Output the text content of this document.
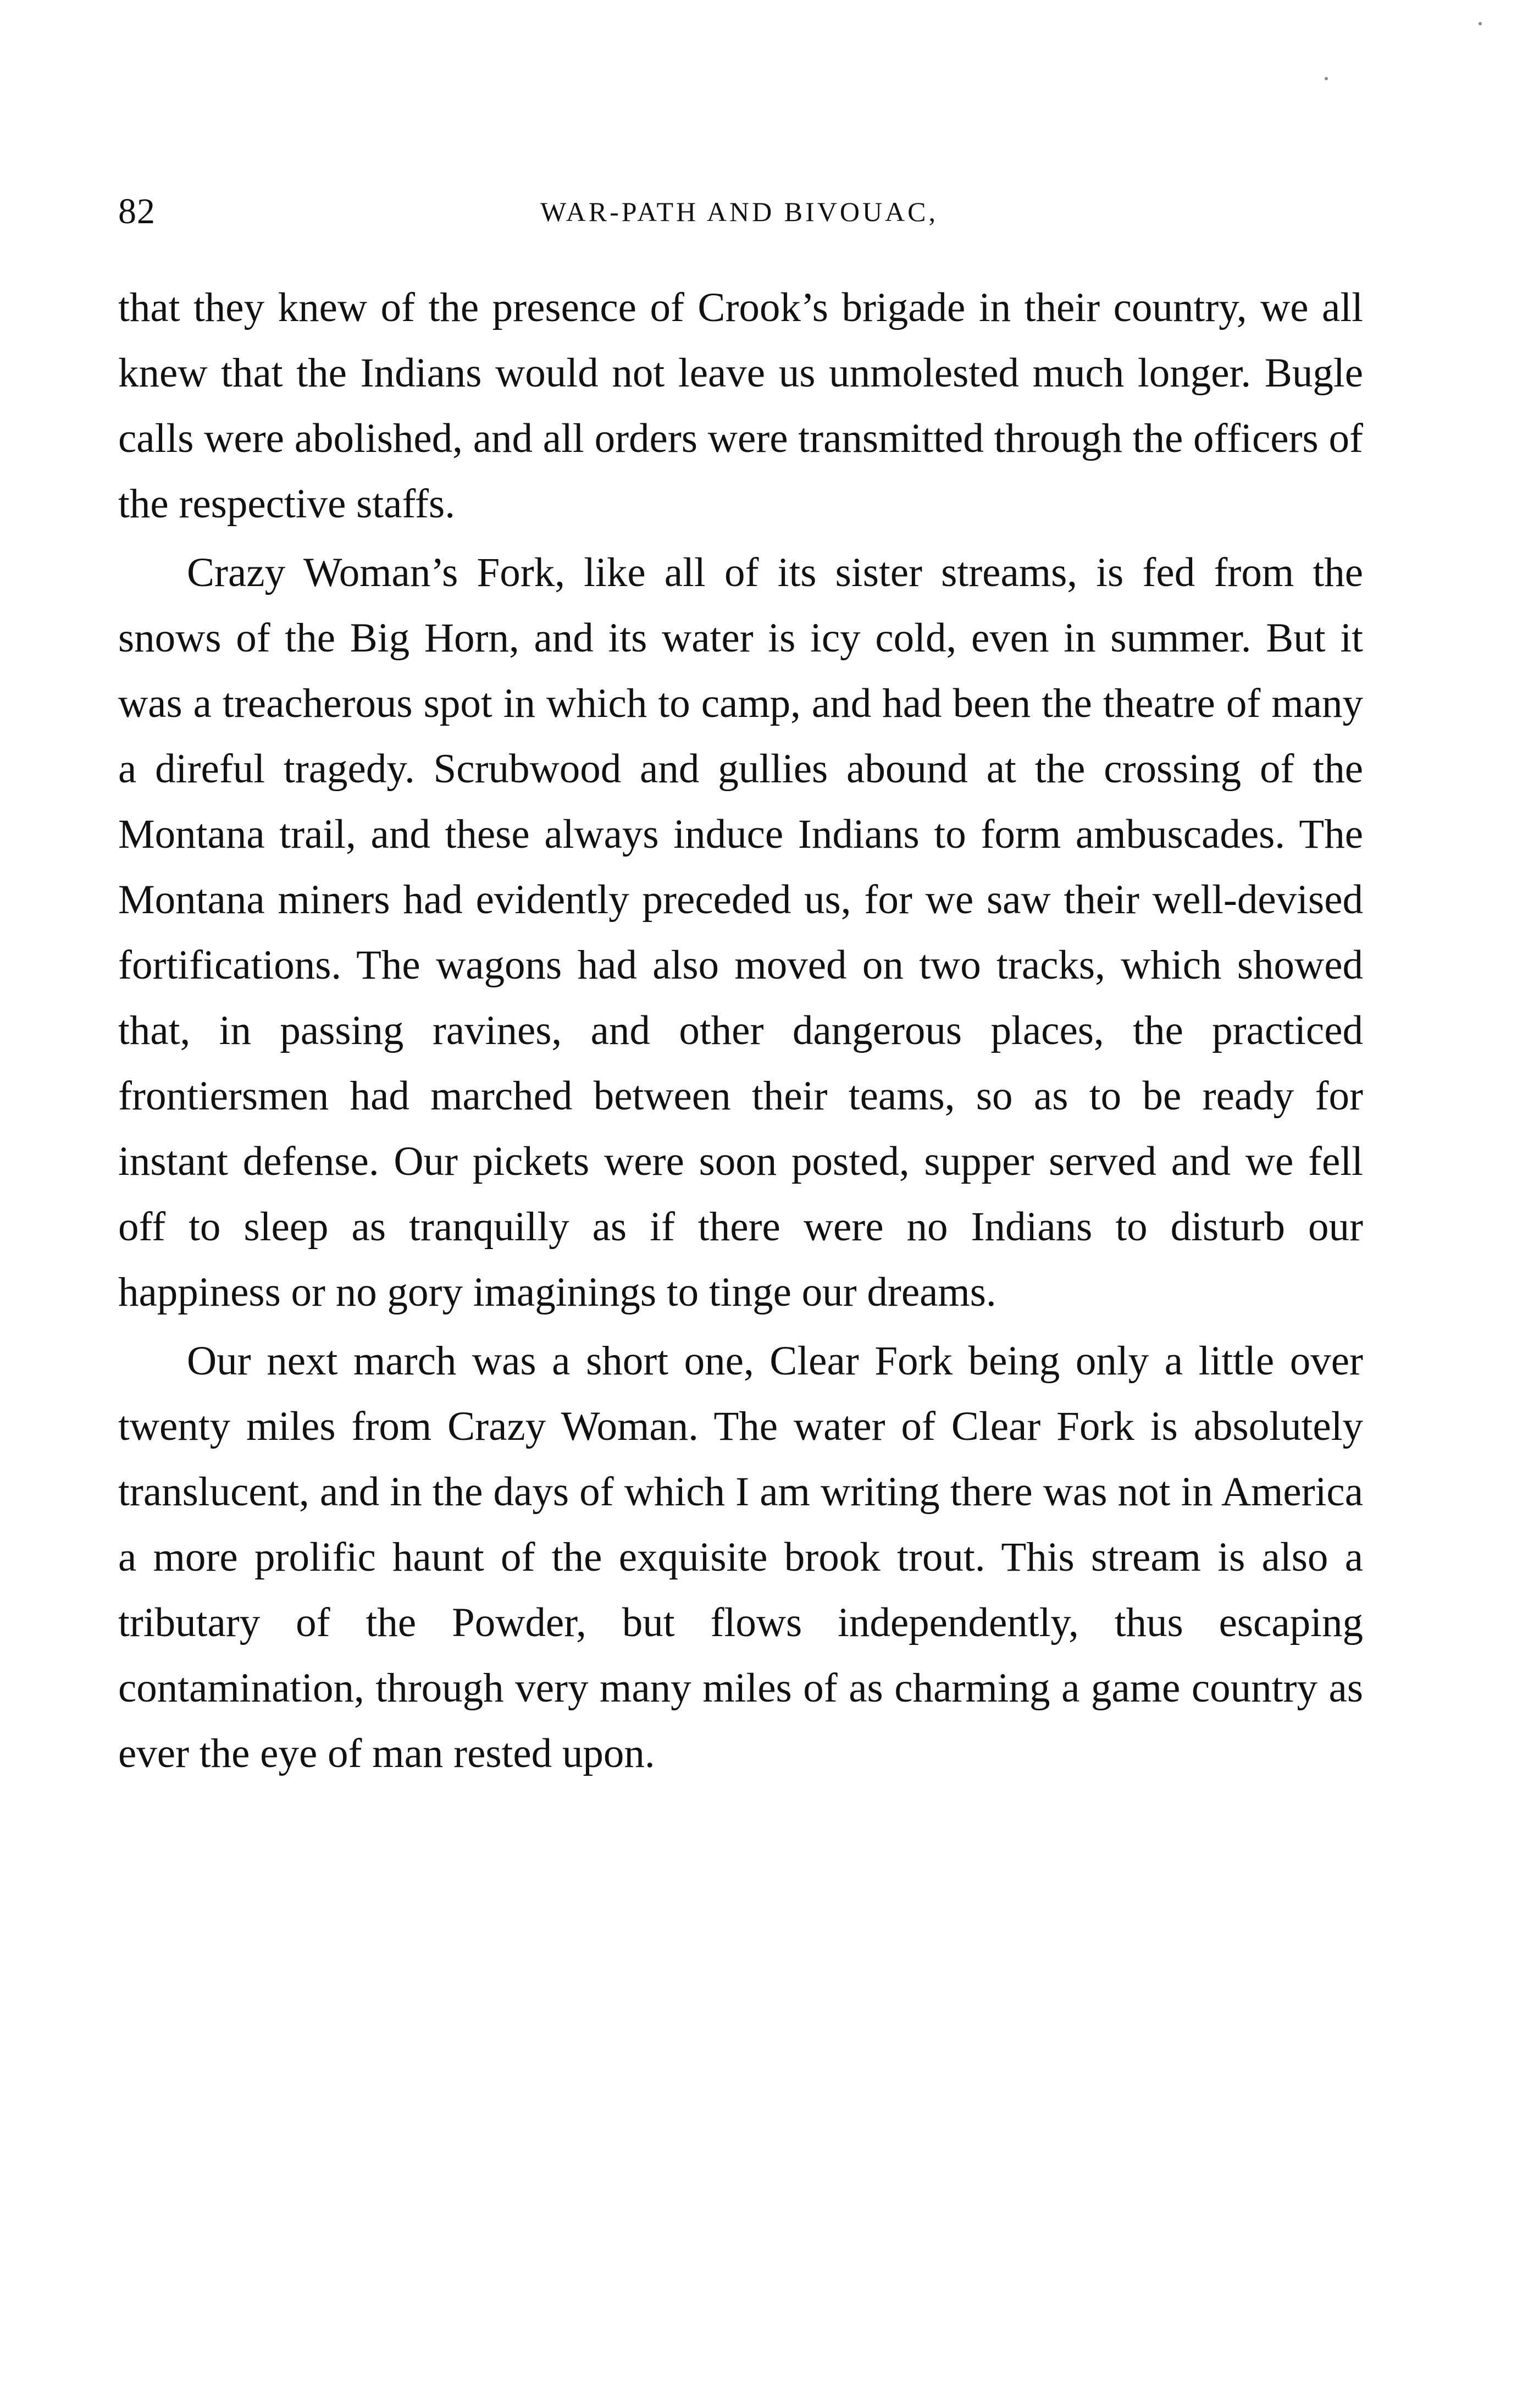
82	WAR-PATH AND BIVOUAC,

that they knew of the presence of Crook’s brigade in their country, we all knew that the Indians would not leave us unmolested much longer. Bugle calls were abolished, and all orders were transmitted through the officers of the respective staffs.

Crazy Woman’s Fork, like all of its sister streams, is fed from the snows of the Big Horn, and its water is icy cold, even in summer. But it was a treacherous spot in which to camp, and had been the theatre of many a direful tragedy. Scrubwood and gullies abound at the crossing of the Montana trail, and these always induce Indians to form ambuscades. The Montana miners had evidently preceded us, for we saw their well-devised fortifications. The wagons had also moved on two tracks, which showed that, in passing ravines, and other dangerous places, the practiced frontiersmen had marched between their teams, so as to be ready for instant defense. Our pickets were soon posted, supper served and we fell off to sleep as tranquilly as if there were no Indians to disturb our happiness or no gory imaginings to tinge our dreams.

Our next march was a short one, Clear Fork being only a little over twenty miles from Crazy Woman. The water of Clear Fork is absolutely translucent, and in the days of which I am writing there was not in America a more prolific haunt of the exquisite brook trout. This stream is also a tributary of the Powder, but flows independently, thus escaping contamination, through very many miles of as charming a game country as ever the eye of man rested upon.
